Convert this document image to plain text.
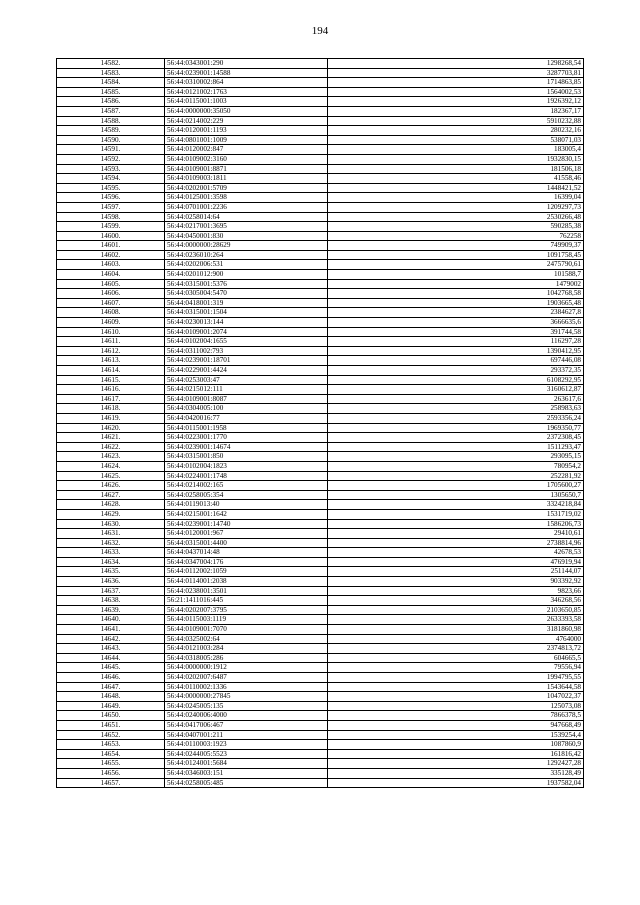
194
14582.	56:44:0343001:290	1298268,54
14583.	56:44:0239001:14588	3287703,81
14584.	56:44:0310002:864	1714863,85
14585.	56:44:0121002:1763	1564002,53
14586.	56:44:0115001:1003	1926392,12
14587.	56:44:0000000:35050	182367,17
14588.	56:44:0214002:229	5910232,88
14589.	56:44:0120001:1193	280232,16
14590.	56:44:0801001:1009	538071,03
14591.	56:44:0120002:847	183005,4
14592.	56:44:0109002:3160	1932830,15
14593.	56:44:0109001:8871	181506,18
14594.	56:44:0109003:1811	41558,46
14595.	56:44:0202001:5709	1448421,52
14596.	56:44:0125001:3598	16399,04
14597.	56:44:0701001:2236	1209297,73
14598.	56:44:0258014:64	2530266,48
14599.	56:44:0217001:3695	590285,38
14600.	56:44:0450001:830	762258
14601.	56:44:0000000:28629	749909,37
14602.	56:44:0236010:264	1091758,45
14603.	56:44:0202006:531	2475790,61
14604.	56:44:0201012:900	101588,7
14605.	56:44:0315001:5376	1479002
14606.	56:44:0305004:5470	1042768,58
14607.	56:44:0418001:319	1903665,48
14608.	56:44:0315001:1504	2384627,8
14609.	56:44:0230013:144	3666635,6
14610.	56:44:0109001:2074	391744,58
14611.	56:44:0102004:1655	116297,28
14612.	56:44:0311002:793	1390412,95
14613.	56:44:0239001:18701	697446,08
14614.	56:44:0229001:4424	293372,35
14615.	56:44:0253003:47	6108292,95
14616.	56:44:0215012:111	3160612,87
14617.	56:44:0109001:8087	263617,6
14618.	56:44:0304005:100	258983,63
14619.	56:44:0420016:77	2593356,24
14620.	56:44:0115001:1958	1969350,77
14621.	56:44:0223001:1770	2372308,45
14622.	56:44:0239001:14674	1511293,47
14623.	56:44:0315001:850	293095,15
14624.	56:44:0102004:1823	780954,2
14625.	56:44:0224001:1748	252281,92
14626.	56:44:0214002:165	1705600,27
14627.	56:44:0258005:354	1305650,7
14628.	56:44:0119013:40	3324218,84
14629.	56:44:0215001:1642	1531719,02
14630.	56:44:0239001:14740	1586206,73
14631.	56:44:0120001:967	29410,61
14632.	56:44:0315001:4400	2738814,96
14633.	56:44:0437014:48	42678,53
14634.	56:44:0347004:176	476919,94
14635.	56:44:0112002:1059	251144,07
14636.	56:44:0114001:2038	903392,92
14637.	56:44:0238001:3501	9823,66
14638.	56:21:1411016:445	346268,56
14639.	56:44:0202007:3795	2103650,85
14640.	56:44:0115003:1119	2633393,58
14641.	56:44:0109001:7070	3181860,98
14642.	56:44:0325002:64	4764000
14643.	56:44:0121003:284	2374813,72
14644.	56:44:0318005:286	604665,5
14645.	56:44:0000000:1912	79556,94
14646.	56:44:0202007:6487	1994795,55
14647.	56:44:0110002:1336	1543644,58
14648.	56:44:0000000:27845	1047022,37
14649.	56:44:0245005:135	125073,08
14650.	56:44:0240006:4000	7866378,5
14651.	56:44:0417006:467	947668,49
14652.	56:44:0407001:211	1539254,4
14653.	56:44:0110003:1923	1087860,9
14654.	56:44:0244005:5523	161816,42
14655.	56:44:0124001:5684	1292427,28
14656.	56:44:0346003:151	335128,49
14657.	56:44:0258005:485	1937582,04
